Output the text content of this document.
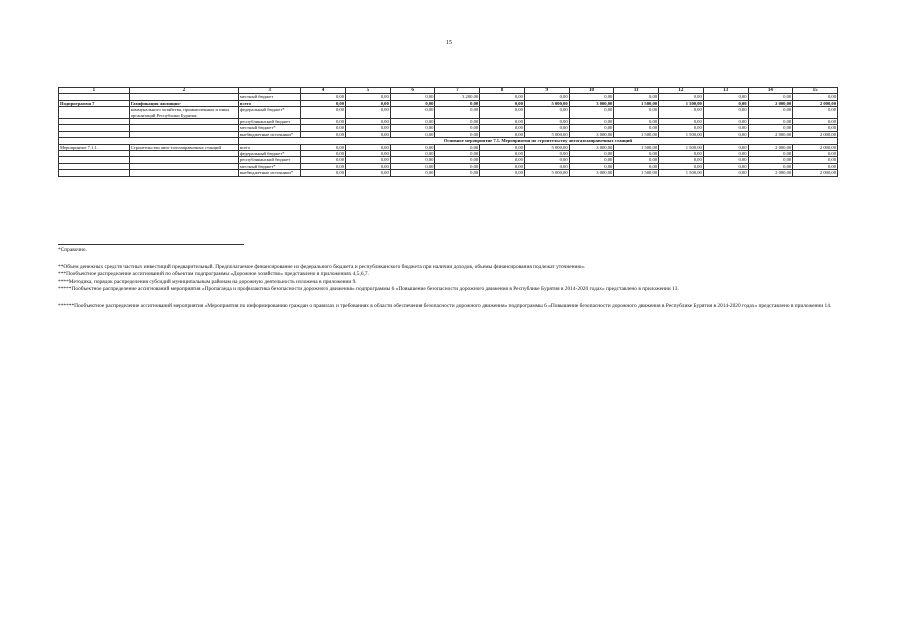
15
1	2	3	4	5	6	7	8	9	10	11	12	13	14	15
		местный бюджет	0,00	0,00	0,00	3 200,00	0,00	0,00	0,00	0,00	0,00	0,00	0,00	0,00
Подпрограмма 7	Газификация жилищно-	всего	0,00	0,00	0,00	0,00	0,00	5 000,00	3 000,00	1 500,00	1 500,00	0,00	2 000,00	2 000,00
	коммунального хозяйства, промышленных и иных организаций Республики Бурятия	федеральный бюджет*	0,00	0,00	0,00	0,00	0,00	0,00	0,00	0,00	0,00	0,00	0,00	0,00
		республиканский бюджет	0,00	0,00	0,00	0,00	0,00	0,00	0,00	0,00	0,00	0,00	0,00	0,00
		местный бюджет*	0,00	0,00	0,00	0,00	0,00	0,00	0,00	0,00	0,00	0,00	0,00	0,00
		внебюджетные источники*	0,00	0,00	0,00	0,00	0,00	5 000,00	3 000,00	1 500,00	1 500,00	0,00	2 000,00	2 000,00
		Основное мероприятие 7.1. Мероприятия по строительству автогазозаправочных станций												
Мероприятие 7.1.1.	Строительство авто-газозаправочных станций	всего	0,00	0,00	0,00	0,00	0,00	5 000,00	3 000,00	1 500,00	1 500,00	0,00	2 000,00	2 000,00
		федеральный бюджет*	0,00	0,00	0,00	0,00	0,00	0,00	0,00	0,00	0,00	0,00	0,00	0,00
		республиканский бюджет	0,00	0,00	0,00	0,00	0,00	0,00	0,00	0,00	0,00	0,00	0,00	0,00
		местный бюджет*	0,00	0,00	0,00	0,00	0,00	0,00	0,00	0,00	0,00	0,00	0,00	0,00
		внебюджетные источники*	0,00	0,00	0,00	0,00	0,00	5 000,00	3 000,00	1 500,00	1 500,00	0,00	2 000,00	2 000,00

*Справочно.

**Объем денежных средств частных инвестиций предварительный. Предполагаемое финансирование из федерального бюджета и республиканского бюджета при наличии доходов, объемы финансирования подлежат уточнению».

***Пообъектное распределение ассигнований по объектам подпрограммы «Дорожное хозяйство» представлено в приложениях 4,5,6,7.

****Методика, порядок распределения субсидий муниципальным районам на дорожную деятельность изложена в приложении 9.

*****Пообъектное распределение ассигнований мероприятия «Пропаганда и профилактика безопасности дорожного движения» подпрограммы 6 «Повышение безопасности дорожного движения в Республике Бурятия в 2014-2020 годах» представлено в приложении 13.

******Пообъектное распределение ассигнований мероприятия «Мероприятия по информированию граждан о правилах и требованиях в области обеспечения безопасности дорожного движения» подпрограммы 6 «Повышение безопасности дорожного движения в Республике Бурятия в 2014-2020 годах» представлено в приложении 14.
